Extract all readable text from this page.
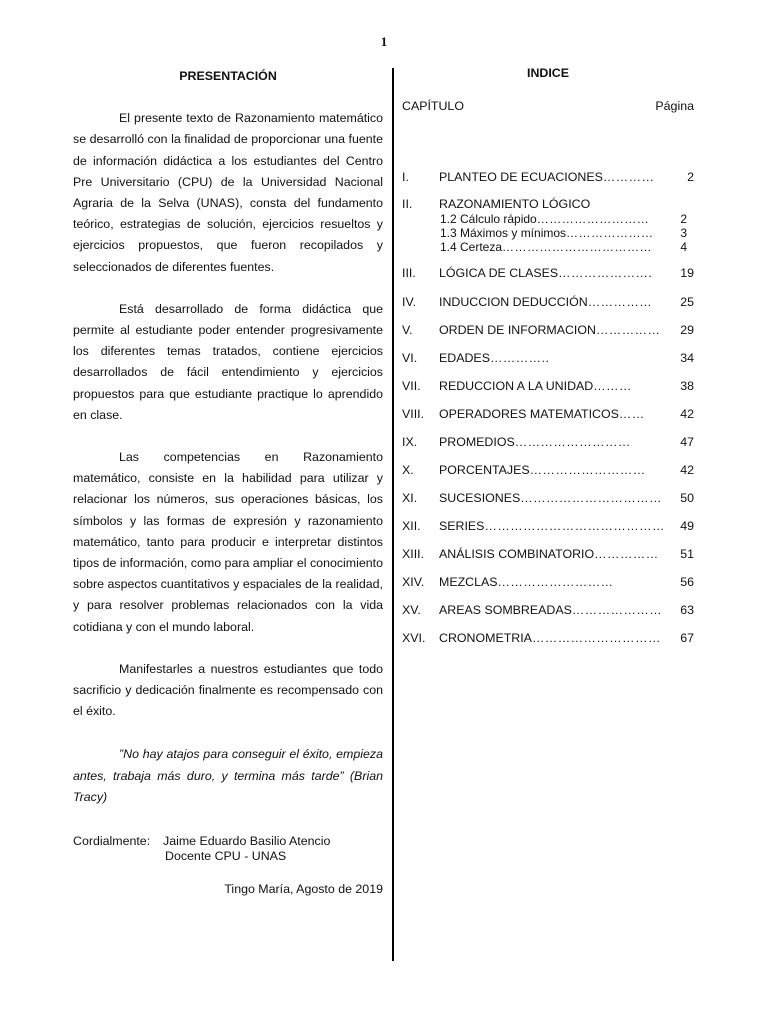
1
PRESENTACIÓN

El presente texto de Razonamiento matemático se desarrolló con la finalidad de proporcionar una fuente de información didáctica a los estudiantes del Centro Pre Universitario (CPU) de la Universidad Nacional Agraria de la Selva (UNAS), consta del fundamento teórico, estrategias de solución, ejercicios resueltos y ejercicios propuestos, que fueron recopilados y seleccionados de diferentes fuentes.

Está desarrollado de forma didáctica que permite al estudiante poder entender progresivamente los diferentes temas tratados, contiene ejercicios desarrollados de fácil entendimiento y ejercicios propuestos para que estudiante practique lo aprendido en clase.

Las competencias en Razonamiento matemático, consiste en la habilidad para utilizar y relacionar los números, sus operaciones básicas, los símbolos y las formas de expresión y razonamiento matemático, tanto para producir e interpretar distintos tipos de información, como para ampliar el conocimiento sobre aspectos cuantitativos y espaciales de la realidad, y para resolver problemas relacionados con la vida cotidiana y con el mundo laboral.

Manifestarles a nuestros estudiantes que todo sacrificio y dedicación finalmente es recompensado con el éxito.

”No hay atajos para conseguir el éxito, empieza antes, trabaja más duro, y termina más tarde” (Brian Tracy)

Cordialmente:	Jaime Eduardo Basilio Atencio
Docente CPU - UNAS
Tingo María, Agosto de 2019
INDICE
CAPÍTULO	Página
I.	PLANTEO DE ECUACIONES …………	2
II.	RAZONAMIENTO LÓGICO
1.2 Cálculo rápido ………………………	2
1.3 Máximos y mínimos …………………	3
1.4 Certeza ………………………………	4
III.	LÓGICA DE CLASES ………………….	19
IV.	INDUCCION DEDUCCIÓN ……………	25
V.	ORDEN DE INFORMACION ……………	29
VI.	EDADES …………..	34
VII.	REDUCCION A LA UNIDAD ………	38
VIII.	OPERADORES MATEMATICOS ……	42
IX.	PROMEDIOS ………………………	47
X.	PORCENTAJES ………………………	42
XI.	SUCESIONES ……………………………	50
XII.	SERIES ……………………………………	49
XIII.	ANÁLISIS COMBINATORIO ……………	51
XIV.	MEZCLAS ………………………	56
XV.	AREAS SOMBREADAS …………………	63
XVI.	CRONOMETRIA …………………………	67
